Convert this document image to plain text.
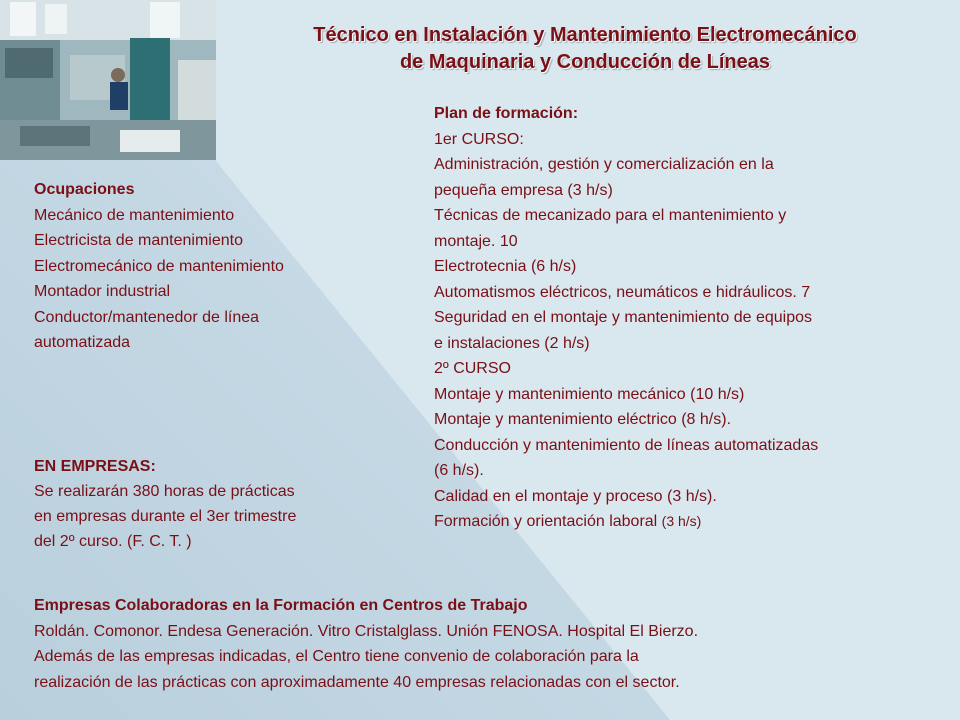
Técnico en Instalación y Mantenimiento Electromecánico
de Maquinaria y Conducción de Líneas
Ocupaciones
Mecánico de mantenimiento
Electricista de mantenimiento
Electromecánico de mantenimiento
Montador industrial
Conductor/mantenedor de línea
automatizada
EN EMPRESAS:
Se realizarán 380 horas de prácticas
en empresas durante el 3er trimestre
del 2º curso. (F. C. T. )
Plan de formación:
1er CURSO:
Administración, gestión y comercialización en la
pequeña empresa (3 h/s)
Técnicas de mecanizado para el mantenimiento y
montaje. 10
Electrotecnia (6 h/s)
Automatismos eléctricos, neumáticos e hidráulicos. 7
Seguridad en el montaje y mantenimiento de equipos
e instalaciones (2 h/s)
2º CURSO
Montaje y mantenimiento mecánico (10 h/s)
Montaje y mantenimiento eléctrico (8 h/s).
Conducción y mantenimiento de líneas automatizadas
(6 h/s).
Calidad en el montaje y proceso (3 h/s).
Formación y orientación laboral (3 h/s)
Empresas Colaboradoras en la Formación en Centros de Trabajo
Roldán. Comonor. Endesa Generación. Vitro Cristalglass. Unión FENOSA. Hospital El Bierzo.
Además de las empresas indicadas, el Centro tiene convenio de colaboración para la
realización de las prácticas con aproximadamente 40 empresas relacionadas con el sector.
